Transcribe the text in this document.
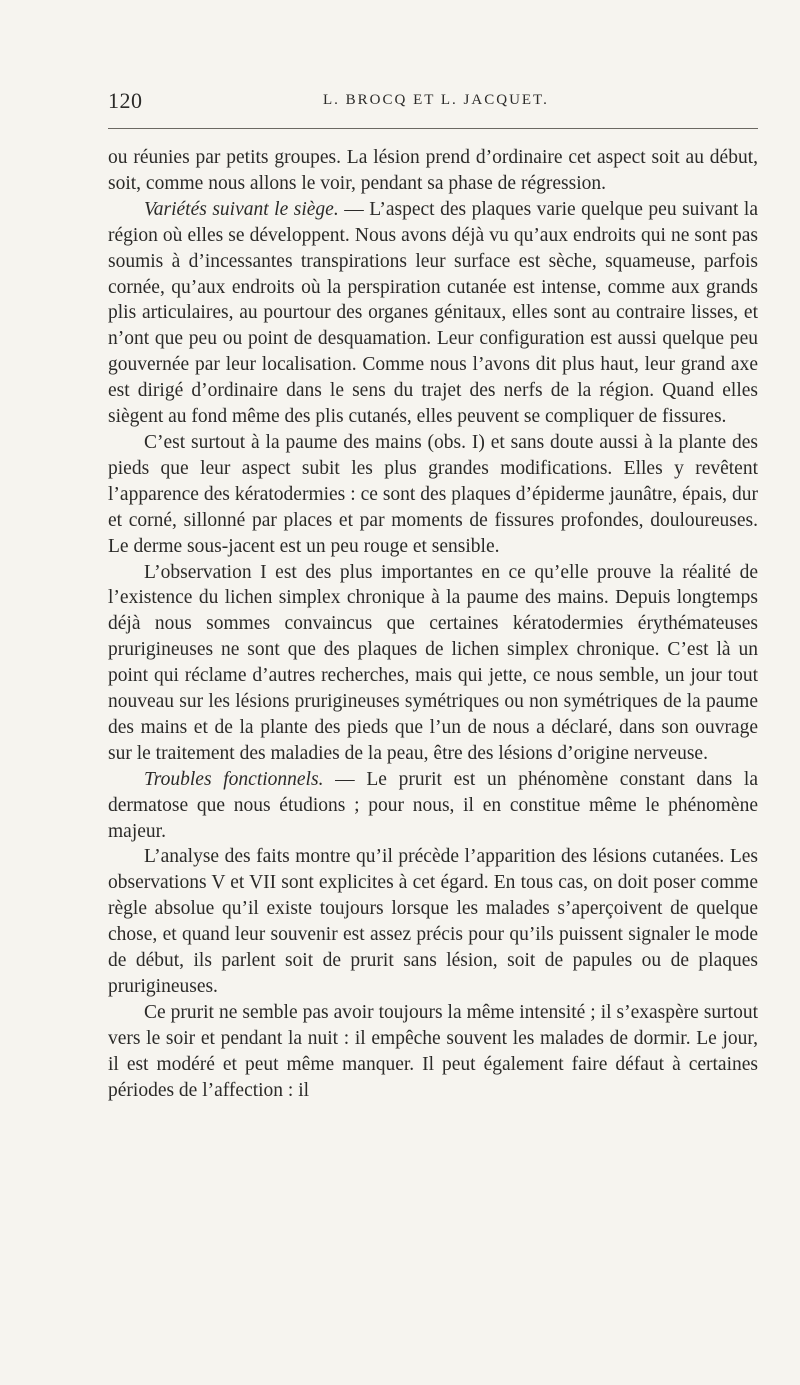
120	L. BROCQ ET L. JACQUET.

ou réunies par petits groupes. La lésion prend d’ordinaire cet aspect soit au début, soit, comme nous allons le voir, pendant sa phase de régression.

Variétés suivant le siège. — L’aspect des plaques varie quelque peu suivant la région où elles se développent. Nous avons déjà vu qu’aux endroits qui ne sont pas soumis à d’incessantes transpirations leur surface est sèche, squameuse, parfois cornée, qu’aux endroits où la perspiration cutanée est intense, comme aux grands plis articulaires, au pourtour des organes génitaux, elles sont au contraire lisses, et n’ont que peu ou point de desquamation. Leur configuration est aussi quelque peu gouvernée par leur localisation. Comme nous l’avons dit plus haut, leur grand axe est dirigé d’ordinaire dans le sens du trajet des nerfs de la région. Quand elles siègent au fond même des plis cutanés, elles peuvent se compliquer de fissures.

C’est surtout à la paume des mains (obs. I) et sans doute aussi à la plante des pieds que leur aspect subit les plus grandes modifications. Elles y revêtent l’apparence des kératodermies : ce sont des plaques d’épiderme jaunâtre, épais, dur et corné, sillonné par places et par moments de fissures profondes, douloureuses. Le derme sous-jacent est un peu rouge et sensible.

L’observation I est des plus importantes en ce qu’elle prouve la réalité de l’existence du lichen simplex chronique à la paume des mains. Depuis longtemps déjà nous sommes convaincus que certaines kératodermies érythémateuses prurigineuses ne sont que des plaques de lichen simplex chronique. C’est là un point qui réclame d’autres recherches, mais qui jette, ce nous semble, un jour tout nouveau sur les lésions prurigineuses symétriques ou non symétriques de la paume des mains et de la plante des pieds que l’un de nous a déclaré, dans son ouvrage sur le traitement des maladies de la peau, être des lésions d’origine nerveuse.

Troubles fonctionnels. — Le prurit est un phénomène constant dans la dermatose que nous étudions ; pour nous, il en constitue même le phénomène majeur.

L’analyse des faits montre qu’il précède l’apparition des lésions cutanées. Les observations V et VII sont explicites à cet égard. En tous cas, on doit poser comme règle absolue qu’il existe toujours lorsque les malades s’aperçoivent de quelque chose, et quand leur souvenir est assez précis pour qu’ils puissent signaler le mode de début, ils parlent soit de prurit sans lésion, soit de papules ou de plaques prurigineuses.

Ce prurit ne semble pas avoir toujours la même intensité ; il s’exaspère surtout vers le soir et pendant la nuit : il empêche souvent les malades de dormir. Le jour, il est modéré et peut même manquer. Il peut également faire défaut à certaines périodes de l’affection : il
